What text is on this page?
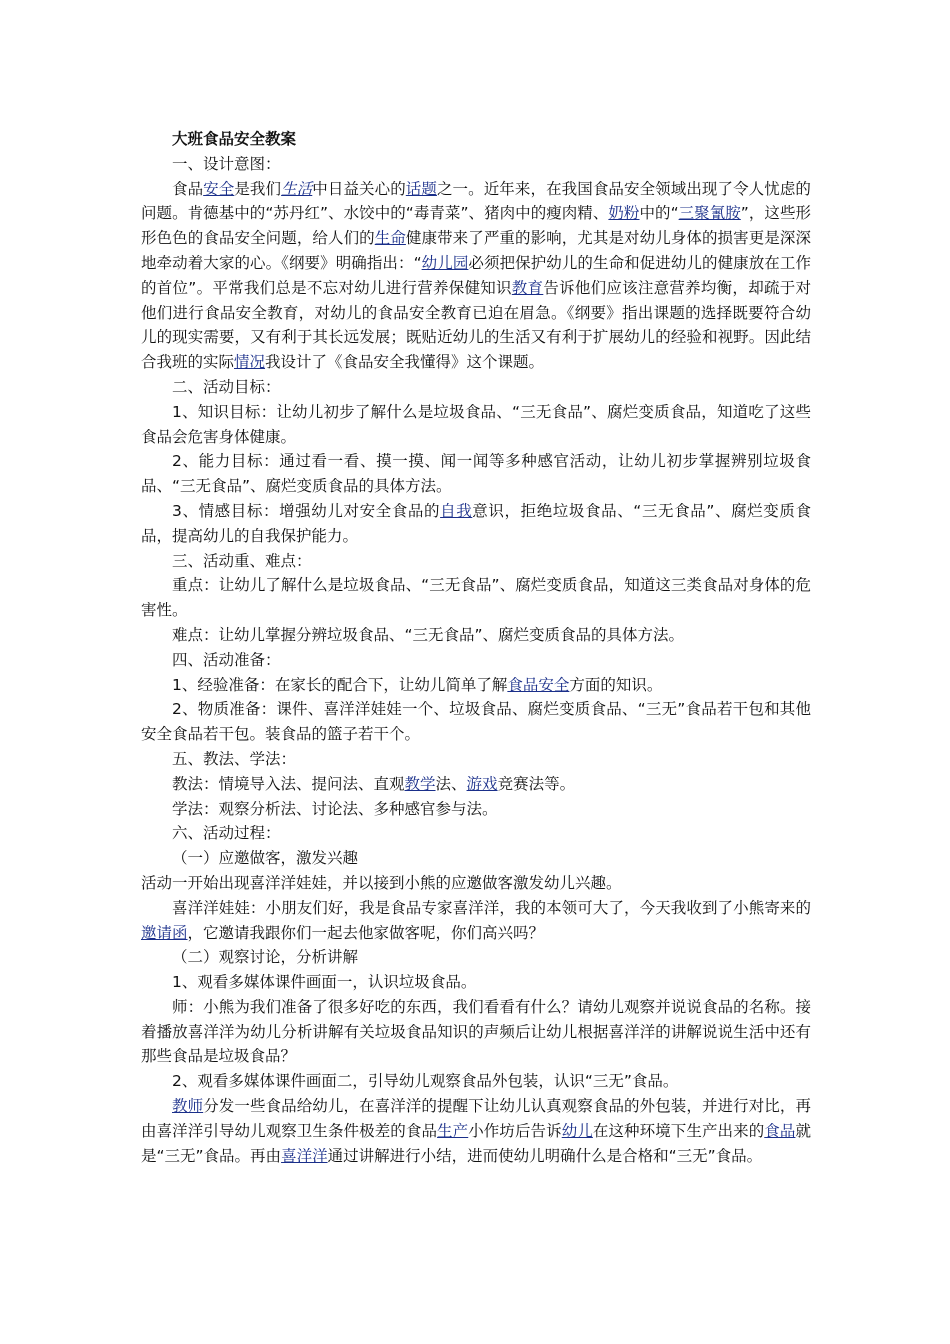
大班食品安全教案

一、设计意图：

食品安全是我们生活中日益关心的话题之一。近年来，在我国食品安全领域出现了令人忧虑的问题。肯德基中的“苏丹红”、水饺中的“毒青菜”、猪肉中的瘦肉精、奶粉中的“三聚氰胺”，这些形形色色的食品安全问题，给人们的生命健康带来了严重的影响，尤其是对幼儿身体的损害更是深深地牵动着大家的心。《纲要》明确指出：“幼儿园必须把保护幼儿的生命和促进幼儿的健康放在工作的首位”。平常我们总是不忘对幼儿进行营养保健知识教育告诉他们应该注意营养均衡，却疏于对他们进行食品安全教育，对幼儿的食品安全教育已迫在眉急。《纲要》指出课题的选择既要符合幼儿的现实需要，又有利于其长远发展；既贴近幼儿的生活又有利于扩展幼儿的经验和视野。因此结合我班的实际情况我设计了《食品安全我懂得》这个课题。

二、活动目标：

1、知识目标：让幼儿初步了解什么是垃圾食品、“三无食品”、腐烂变质食品，知道吃了这些食品会危害身体健康。

2、能力目标：通过看一看、摸一摸、闻一闻等多种感官活动，让幼儿初步掌握辨别垃圾食品、“三无食品”、腐烂变质食品的具体方法。

3、情感目标：增强幼儿对安全食品的自我意识，拒绝垃圾食品、“三无食品”、腐烂变质食品，提高幼儿的自我保护能力。

三、活动重、难点：

重点：让幼儿了解什么是垃圾食品、“三无食品”、腐烂变质食品，知道这三类食品对身体的危害性。

难点：让幼儿掌握分辨垃圾食品、“三无食品”、腐烂变质食品的具体方法。

四、活动准备：

1、经验准备：在家长的配合下，让幼儿简单了解食品安全方面的知识。

2、物质准备：课件、喜洋洋娃娃一个、垃圾食品、腐烂变质食品、“三无”食品若干包和其他安全食品若干包。装食品的篮子若干个。

五、教法、学法：

教法：情境导入法、提问法、直观教学法、游戏竞赛法等。

学法：观察分析法、讨论法、多种感官参与法。

六、活动过程：

（一）应邀做客，激发兴趣

活动一开始出现喜洋洋娃娃，并以接到小熊的应邀做客激发幼儿兴趣。

喜洋洋娃娃：小朋友们好，我是食品专家喜洋洋，我的本领可大了，今天我收到了小熊寄来的邀请函，它邀请我跟你们一起去他家做客呢，你们高兴吗？

（二）观察讨论，分析讲解

1、观看多媒体课件画面一，认识垃圾食品。

师：小熊为我们准备了很多好吃的东西，我们看看有什么？请幼儿观察并说说食品的名称。接着播放喜洋洋为幼儿分析讲解有关垃圾食品知识的声频后让幼儿根据喜洋洋的讲解说说生活中还有那些食品是垃圾食品？

2、观看多媒体课件画面二，引导幼儿观察食品外包装，认识“三无”食品。

教师分发一些食品给幼儿，在喜洋洋的提醒下让幼儿认真观察食品的外包装，并进行对比，再由喜洋洋引导幼儿观察卫生条件极差的食品生产小作坊后告诉幼儿在这种环境下生产出来的食品就是“三无”食品。再由喜洋洋通过讲解进行小结，进而使幼儿明确什么是合格和“三无”食品。
